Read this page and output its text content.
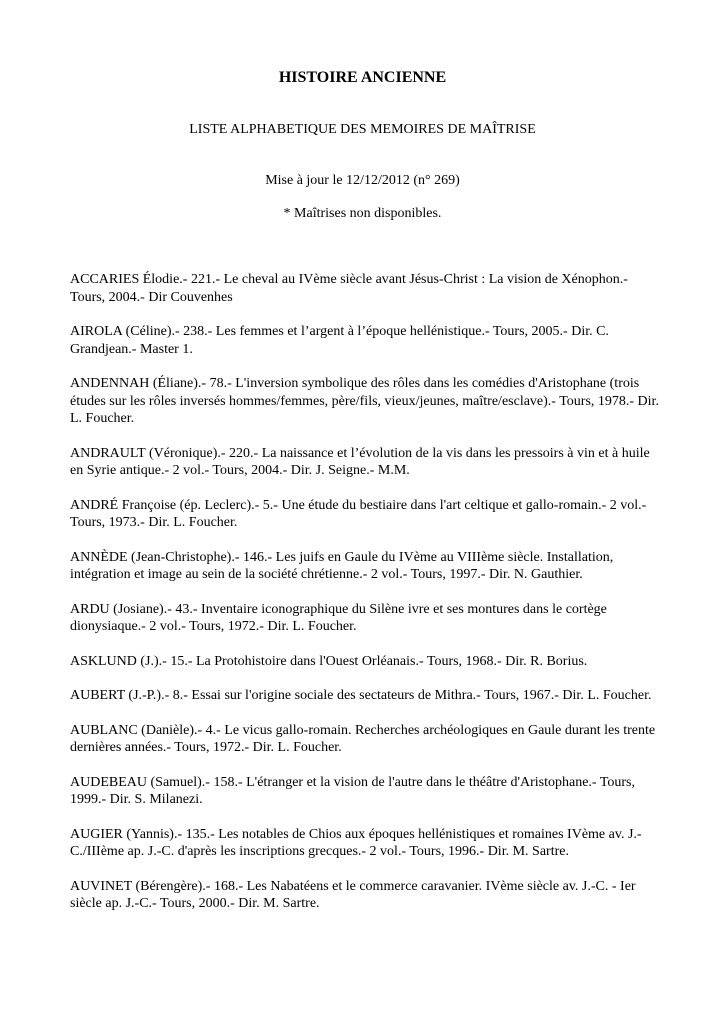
HISTOIRE ANCIENNE
LISTE ALPHABETIQUE DES MEMOIRES DE MAÎTRISE
Mise à jour le 12/12/2012 (n° 269)
* Maîtrises non disponibles.

ACCARIES Élodie.- 221.- Le cheval au IVème siècle avant Jésus-Christ : La vision de Xénophon.- Tours, 2004.- Dir Couvenhes

AIROLA (Céline).- 238.- Les femmes et l’argent à l’époque hellénistique.- Tours, 2005.- Dir. C. Grandjean.- Master 1.

ANDENNAH (Éliane).- 78.- L'inversion symbolique des rôles dans les comédies d'Aristophane (trois études sur les rôles inversés hommes/femmes, père/fils, vieux/jeunes, maître/esclave).- Tours, 1978.- Dir. L. Foucher.

ANDRAULT (Véronique).- 220.- La naissance et l’évolution de la vis dans les pressoirs à vin et à huile en Syrie antique.- 2 vol.- Tours, 2004.- Dir. J. Seigne.- M.M.

ANDRÉ Françoise (ép. Leclerc).- 5.- Une étude du bestiaire dans l'art celtique et gallo-romain.- 2 vol.- Tours, 1973.- Dir. L. Foucher.

ANNÈDE (Jean-Christophe).- 146.- Les juifs en Gaule du IVème au VIIIème siècle. Installation, intégration et image au sein de la société chrétienne.- 2 vol.- Tours, 1997.- Dir. N. Gauthier.

ARDU (Josiane).- 43.- Inventaire iconographique du Silène ivre et ses montures dans le cortège dionysiaque.- 2 vol.- Tours, 1972.- Dir. L. Foucher.

ASKLUND (J.).- 15.- La Protohistoire dans l'Ouest Orléanais.- Tours, 1968.- Dir. R. Borius.

AUBERT (J.-P.).- 8.- Essai sur l'origine sociale des sectateurs de Mithra.- Tours, 1967.- Dir. L. Foucher.

AUBLANC (Danièle).- 4.- Le vicus gallo-romain. Recherches archéologiques en Gaule durant les trente dernières années.- Tours, 1972.- Dir. L. Foucher.

AUDEBEAU (Samuel).- 158.- L'étranger et la vision de l'autre dans le théâtre d'Aristophane.- Tours, 1999.- Dir. S. Milanezi.

AUGIER (Yannis).- 135.- Les notables de Chios aux époques hellénistiques et romaines IVème av. J.-C./IIIème ap. J.-C. d'après les inscriptions grecques.- 2 vol.- Tours, 1996.- Dir. M. Sartre.

AUVINET (Bérengère).- 168.- Les Nabatéens et le commerce caravanier. IVème siècle av. J.-C. - Ier siècle ap. J.-C.- Tours, 2000.- Dir. M. Sartre.
